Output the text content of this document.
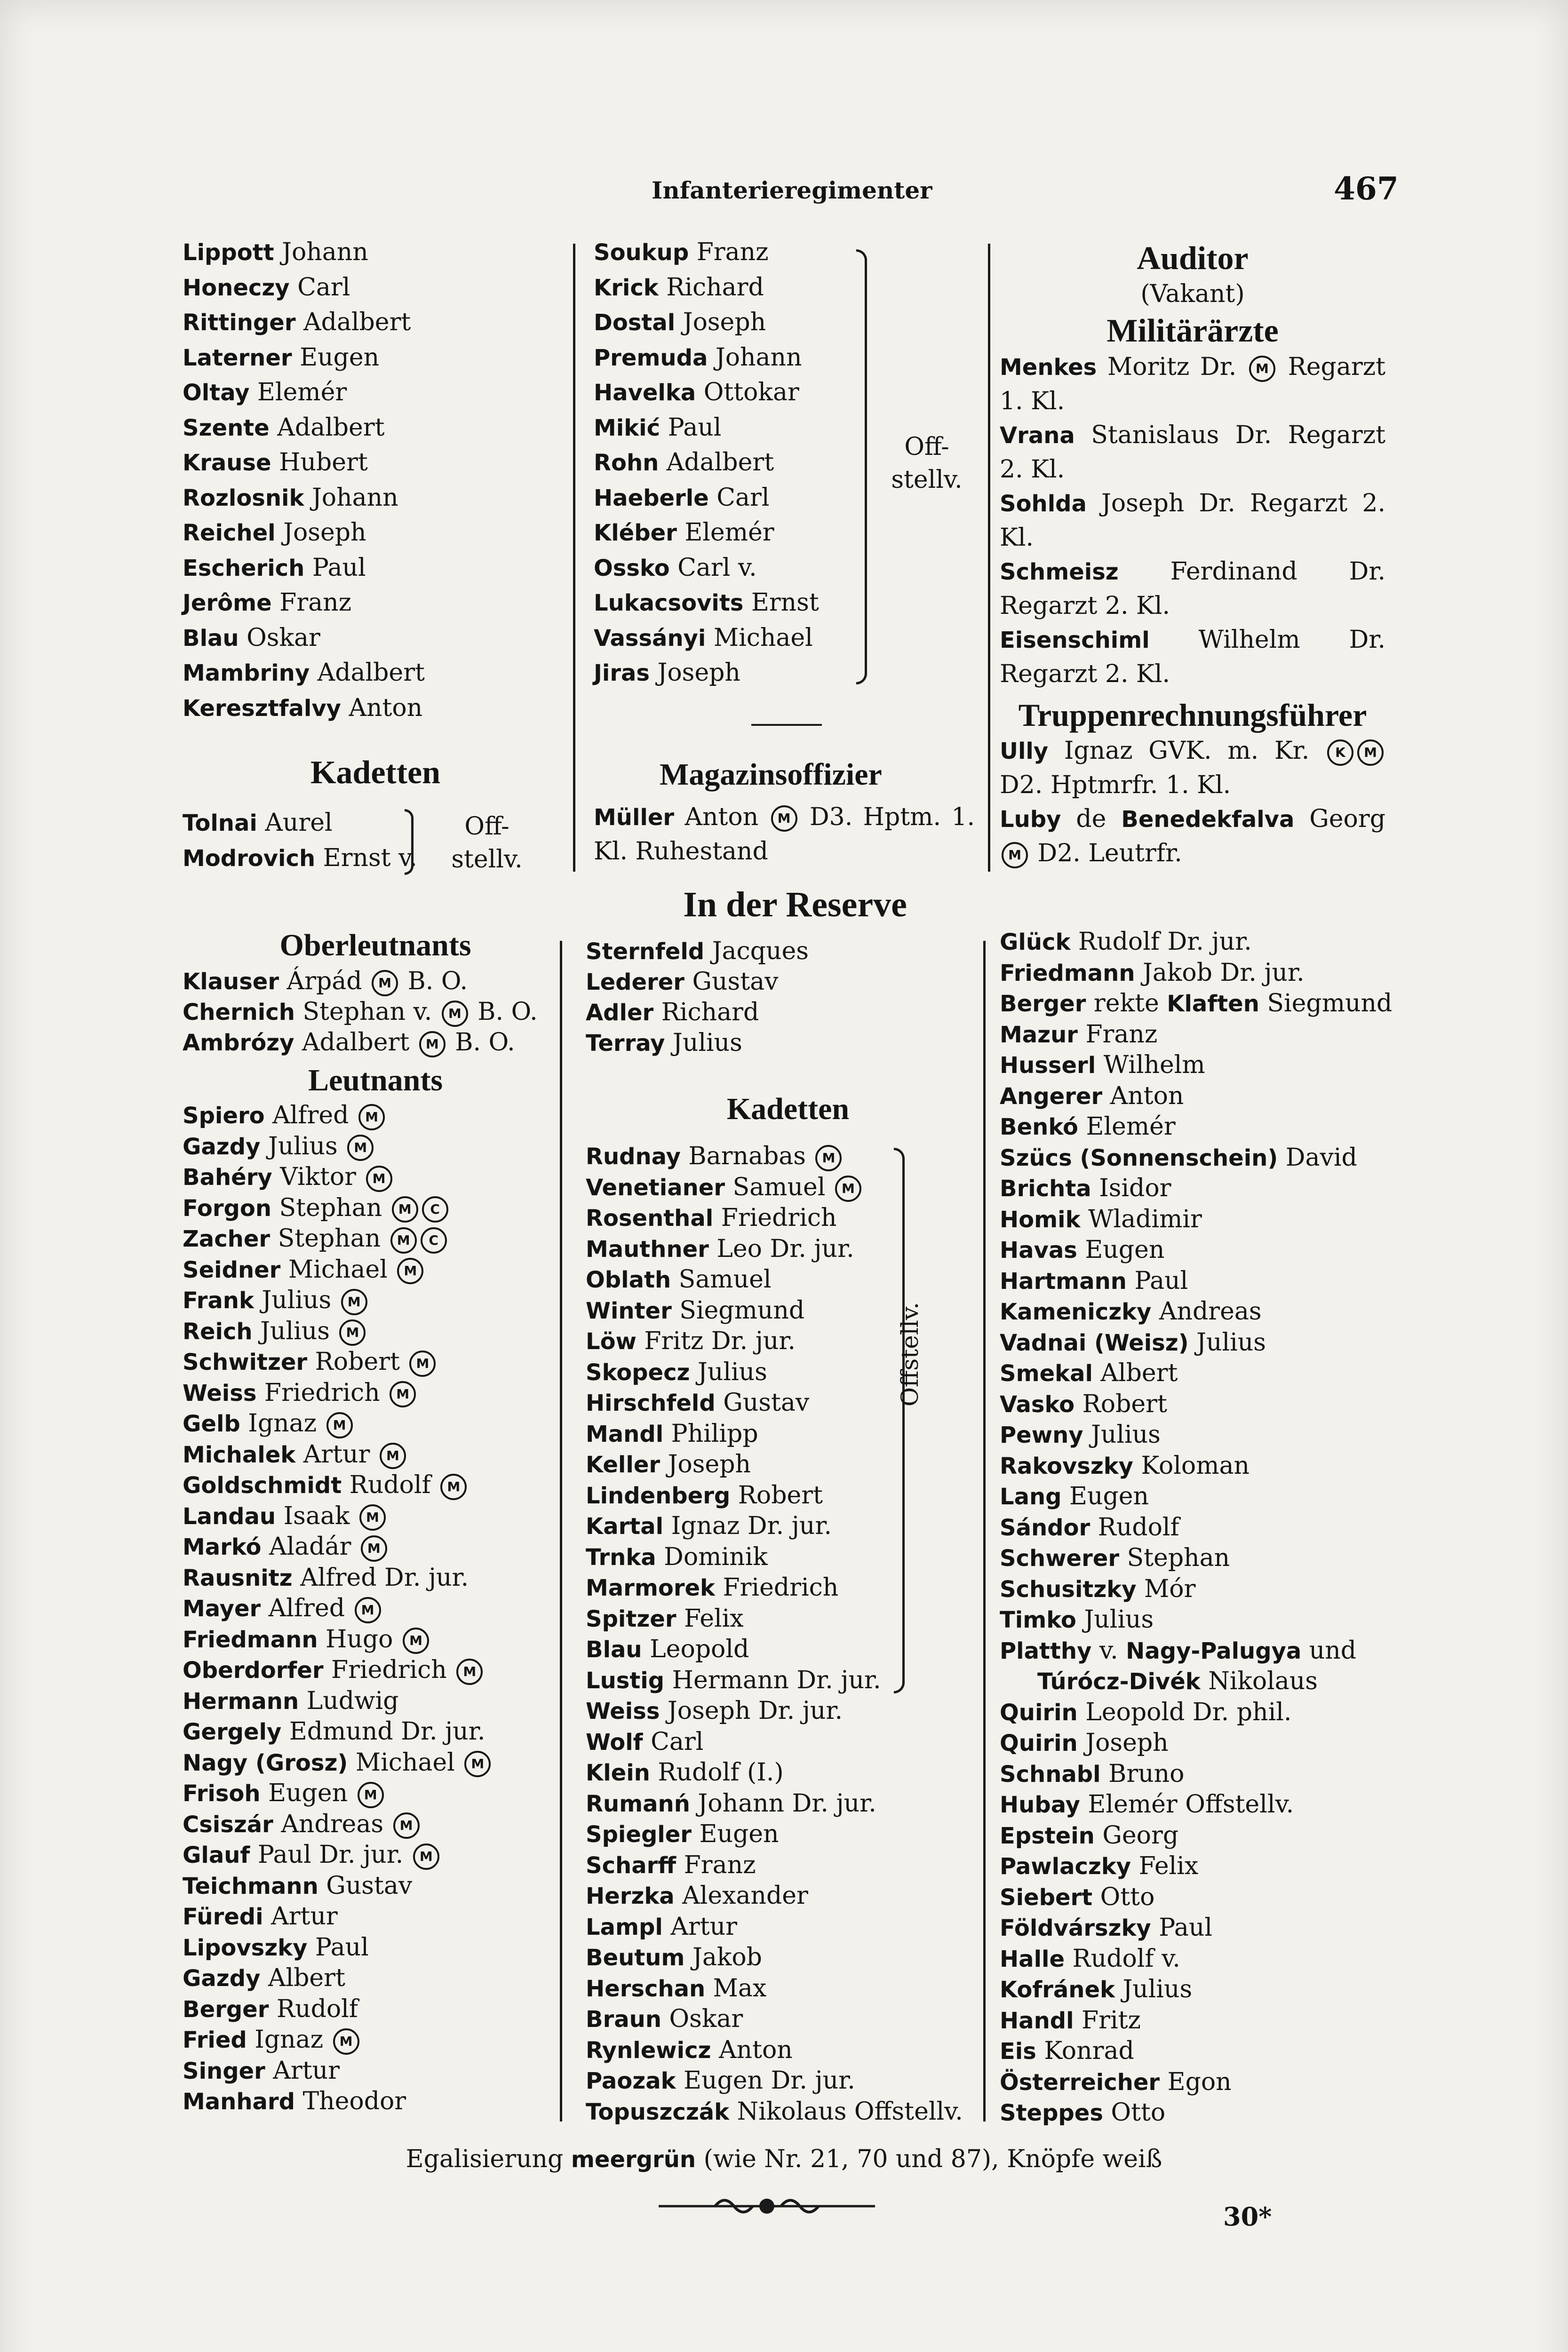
Infanterieregimenter	467
Lippott Johann
Honeczy Carl
Rittinger Adalbert
Laterner Eugen
Oltay Elemér
Szente Adalbert
Krause Hubert
Rozlosnik Johann
Reichel Joseph
Escherich Paul
Jerôme Franz
Blau Oskar
Mambriny Adalbert
Keresztfalvy Anton
Kadetten
Tolnai Aurel
Modrovich Ernst v.
Oberleutnants
Klauser Árpád M B. O.
Chernich Stephan v. M B. O.
Ambrózy Adalbert M B. O.
Leutnants
Spiero Alfred M
Gazdy Julius M
Bahéry Viktor M
Forgon Stephan M C
Zacher Stephan M C
Seidner Michael M
Frank Julius M
Reich Julius M
Schwitzer Robert M
Weiss Friedrich M
Gelb Ignaz M
Michalek Artur M
Goldschmidt Rudolf M
Landau Isaak M
Markó Aladár M
Rausnitz Alfred Dr. jur.
Mayer Alfred M
Friedmann Hugo M
Oberdorfer Friedrich M
Hermann Ludwig
Gergely Edmund Dr. jur.
Nagy (Grosz) Michael M
Frisoh Eugen M
Csiszár Andreas M
Glauf Paul Dr. jur. M
Teichmann Gustav
Füredi Artur
Lipovszky Paul
Gazdy Albert
Berger Rudolf
Fried Ignaz M
Singer Artur
Manhard Theodor
Off-
stellv.
Soukup Franz
Krick Richard
Dostal Joseph
Premuda Johann
Havelka Ottokar
Mikić Paul
Rohn Adalbert
Haeberle Carl
Kléber Elemér
Ossko Carl v.
Lukacsovits Ernst
Vassányi Michael
Jiras Joseph
Magazinsoffizier
Müller Anton M D3. Hptm. 1. Kl. Ruhestand
Off-
stellv.
In der Reserve
Sternfeld Jacques
Lederer Gustav
Adler Richard
Terray Julius
Kadetten
Rudnay Barnabas M
Venetianer Samuel M
Rosenthal Friedrich
Mauthner Leo Dr. jur.
Oblath Samuel
Winter Siegmund
Löw Fritz Dr. jur.
Skopecz Julius
Hirschfeld Gustav
Mandl Philipp
Keller Joseph
Lindenberg Robert
Kartal Ignaz Dr. jur.
Trnka Dominik
Marmorek Friedrich
Spitzer Felix
Blau Leopold
Lustig Hermann Dr. jur.
Weiss Joseph Dr. jur.
Wolf Carl
Klein Rudolf (I.)
Rumanń Johann Dr. jur.
Spiegler Eugen
Scharff Franz
Herzka Alexander
Lampl Artur
Beutum Jakob
Herschan Max
Braun Oskar
Rynlewicz Anton
Paozak Eugen Dr. jur.
Topuszczák Nikolaus Offstellv.
Offstellv.
Auditor
(Vakant)
Militärärzte
Menkes Moritz Dr. M Regarzt 1. Kl.
Vrana Stanislaus Dr. Regarzt 2. Kl.
Sohlda Joseph Dr. Regarzt 2. Kl.
Schmeisz Ferdinand Dr. Regarzt 2. Kl.
Eisenschiml Wilhelm Dr. Regarzt 2. Kl.
Truppenrechnungsführer
Ully Ignaz GVK. m. Kr. K M D2. Hptmrfr. 1. Kl.
Luby de Benedekfalva Georg M D2. Leutrfr.
Glück Rudolf Dr. jur.
Friedmann Jakob Dr. jur.
Berger rekte Klaften Siegmund
Mazur Franz
Husserl Wilhelm
Angerer Anton
Benkó Elemér
Szücs (Sonnenschein) David
Brichta Isidor
Homik Wladimir
Havas Eugen
Hartmann Paul
Kameniczky Andreas
Vadnai (Weisz) Julius
Smekal Albert
Vasko Robert
Pewny Julius
Rakovszky Koloman
Lang Eugen
Sándor Rudolf
Schwerer Stephan
Schusitzky Mór
Timko Julius
Platthy v. Nagy-Palugya und
Túrócz-Divék Nikolaus
Quirin Leopold Dr. phil.
Quirin Joseph
Schnabl Bruno
Hubay Elemér Offstellv.
Epstein Georg
Pawlaczky Felix
Siebert Otto
Földvárszky Paul
Halle Rudolf v.
Kofránek Julius
Handl Fritz
Eis Konrad
Österreicher Egon
Steppes Otto
Egalisierung meergrün (wie Nr. 21, 70 und 87), Knöpfe weiß
30*
